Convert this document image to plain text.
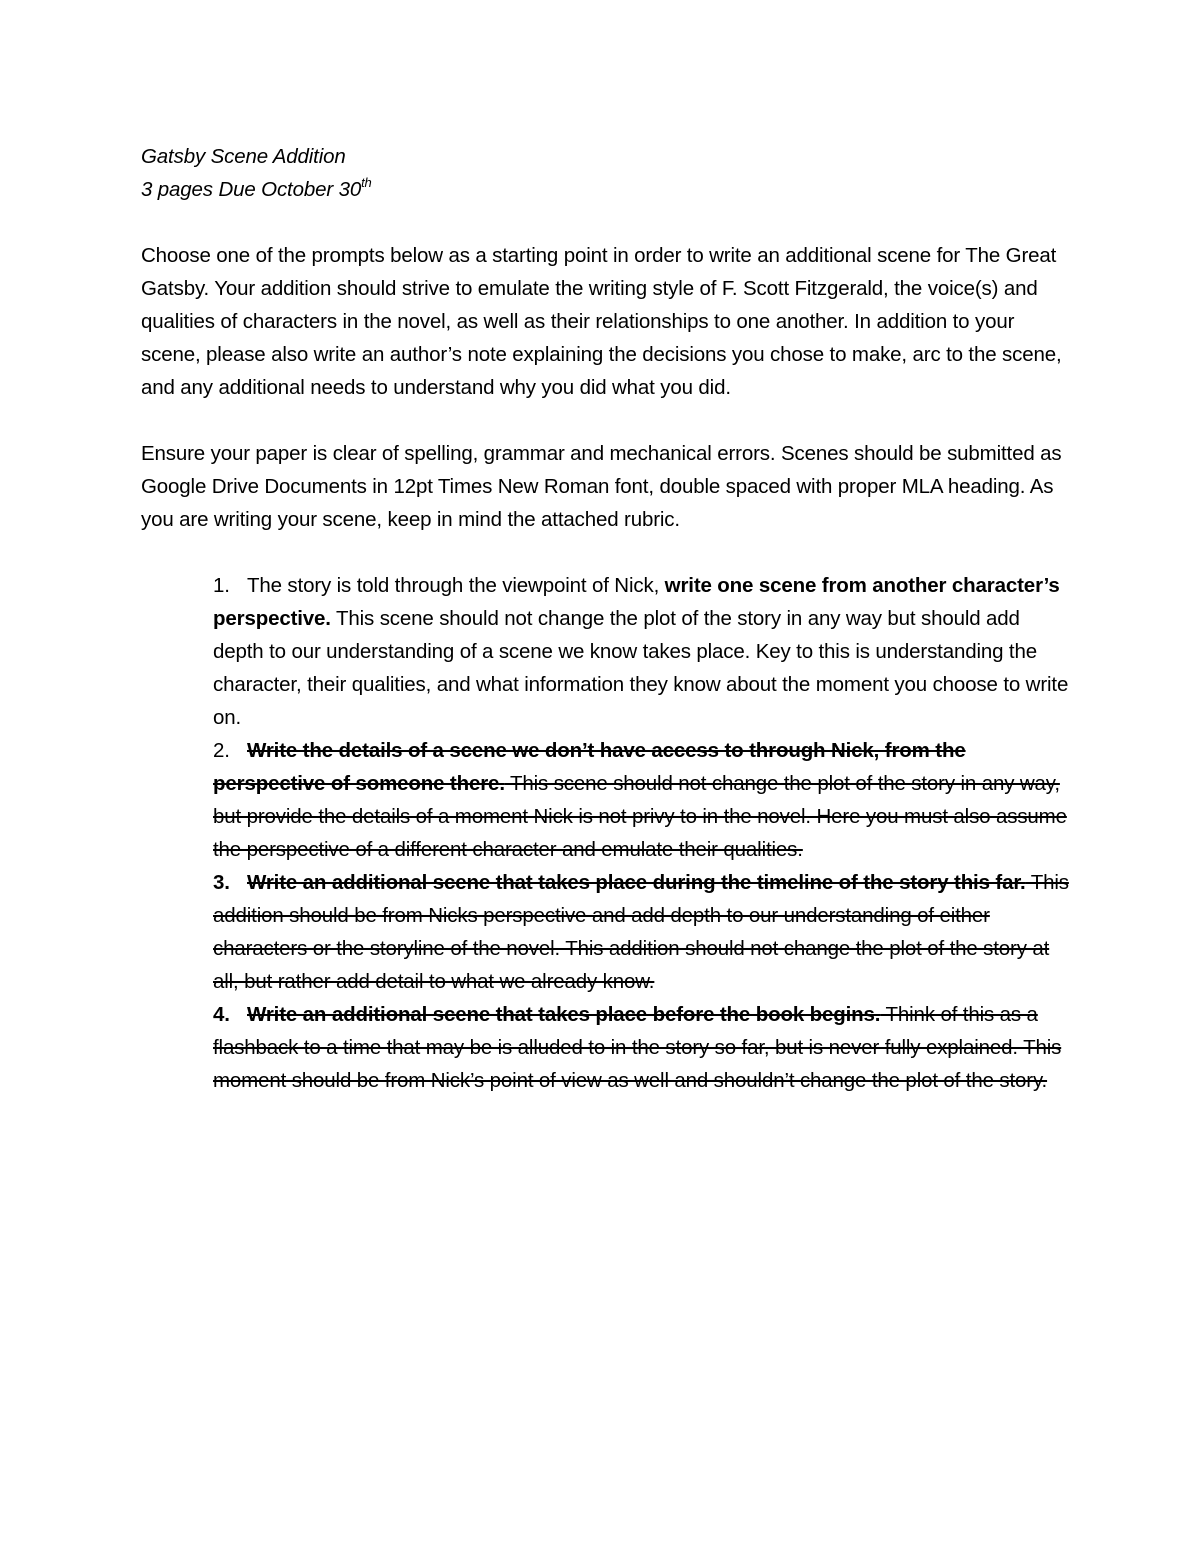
Gatsby Scene Addition

3 pages Due October 30th

Choose one of the prompts below as a starting point in order to write an additional scene for The Great Gatsby. Your addition should strive to emulate the writing style of F. Scott Fitzgerald, the voice(s) and qualities of characters in the novel, as well as their relationships to one another. In addition to your scene, please also write an author’s note explaining the decisions you chose to make, arc to the scene, and any additional needs to understand why you did what you did.

Ensure your paper is clear of spelling, grammar and mechanical errors. Scenes should be submitted as Google Drive Documents in 12pt Times New Roman font, double spaced with proper MLA heading. As you are writing your scene, keep in mind the attached rubric.

1. The story is told through the viewpoint of Nick, write one scene from another character’s perspective. This scene should not change the plot of the story in any way but should add depth to our understanding of a scene we know takes place. Key to this is understanding the character, their qualities, and what information they know about the moment you choose to write on.
2. Write the details of a scene we don’t have access to through Nick, from the perspective of someone there. This scene should not change the plot of the story in any way, but provide the details of a moment Nick is not privy to in the novel. Here you must also assume the perspective of a different character and emulate their qualities.
3. Write an additional scene that takes place during the timeline of the story this far. This addition should be from Nicks perspective and add depth to our understanding of either characters or the storyline of the novel. This addition should not change the plot of the story at all, but rather add detail to what we already know.
4. Write an additional scene that takes place before the book begins. Think of this as a flashback to a time that may be is alluded to in the story so far, but is never fully explained. This moment should be from Nick’s point of view as well and shouldn’t change the plot of the story.
